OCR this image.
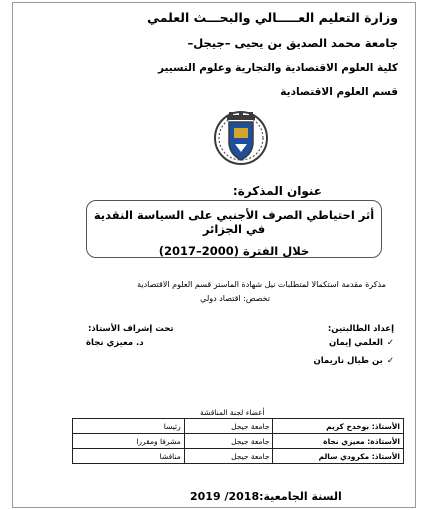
وزارة التعليم العـــــالي والبحـــث العلمي
جامعة محمد الصديق بن يحيى –جيجل–
كلية العلوم الاقتصادية والتجارية وعلوم التسيير
قسم العلوم الاقتصادية
عنوان المذكرة:
أثر احتياطي الصرف الأجنبي على السياسة النقدية في الجزائر
خلال الفترة (2000–2017)
مذكرة مقدمة استكمالا لمتطلبات نيل شهادة الماستر قسم العلوم الاقتصادية
تخصص: اقتصاد دولي
إعداد الطالبتين:
✓العلمي إيمان
✓بن طيال ناريمان
تحت إشراف الأستاذ:
د. معيزي نجاة
أعضاء لجنة المناقشة
الأستاذ: بوخدخ كريم	جامعة جيجل	رئيسا
الأستاذة: معيزي نجاة	جامعة جيجل	مشرفا ومقررا
الأستاذ: مكرودي سالم	جامعة جيجل	مناقشا
السنة الجامعية:2018/ 2019
